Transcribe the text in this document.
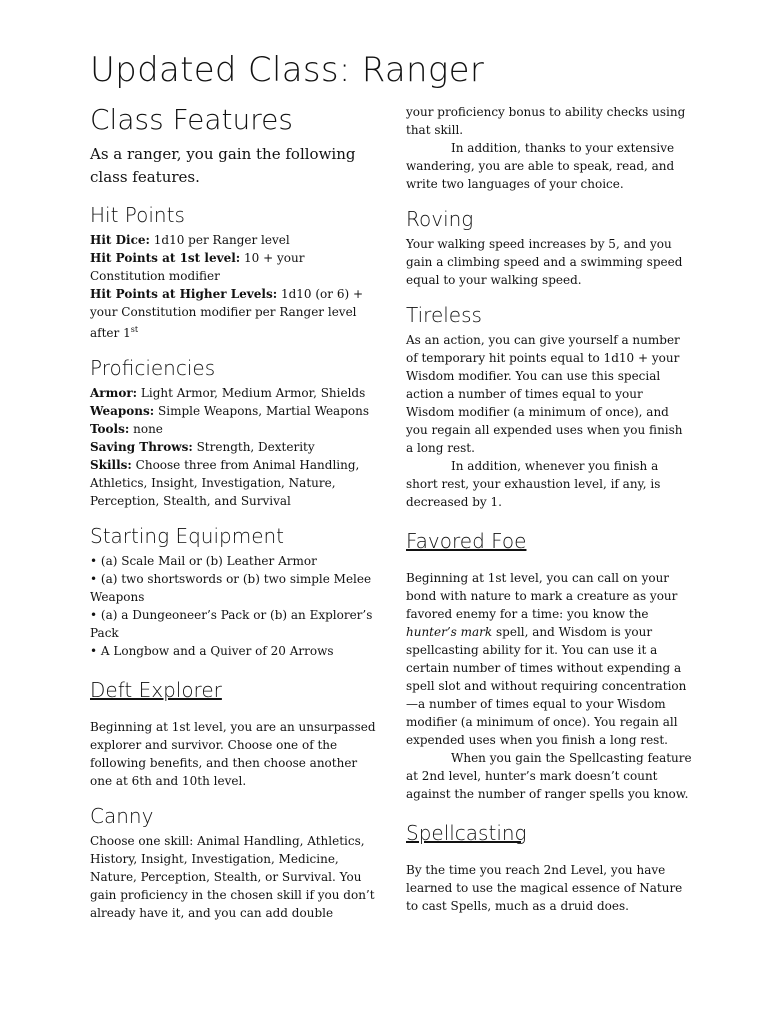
Updated Class: Ranger
Class Features
As a ranger, you gain the following class features.
Hit Points
Hit Dice: 1d10 per Ranger level
Hit Points at 1st level: 10 + your Constitution modifier
Hit Points at Higher Levels: 1d10 (or 6) + your Constitution modifier per Ranger level after 1st
Proficiencies
Armor: Light Armor, Medium Armor, Shields
Weapons: Simple Weapons, Martial Weapons
Tools: none
Saving Throws: Strength, Dexterity
Skills: Choose three from Animal Handling, Athletics, Insight, Investigation, Nature, Perception, Stealth, and Survival
Starting Equipment
• (a) Scale Mail or (b) Leather Armor
• (a) two shortswords or (b) two simple Melee Weapons
• (a) a Dungeoneer’s Pack or (b) an Explorer’s Pack
• A Longbow and a Quiver of 20 Arrows
Deft Explorer
Beginning at 1st level, you are an unsurpassed explorer and survivor. Choose one of the following benefits, and then choose another one at 6th and 10th level.
Canny
Choose one skill: Animal Handling, Athletics, History, Insight, Investigation, Medicine, Nature, Perception, Stealth, or Survival. You gain proficiency in the chosen skill if you don’t already have it, and you can add double
your proficiency bonus to ability checks using that skill.
In addition, thanks to your extensive wandering, you are able to speak, read, and write two languages of your choice.
Roving
Your walking speed increases by 5, and you gain a climbing speed and a swimming speed equal to your walking speed.
Tireless
As an action, you can give yourself a number of temporary hit points equal to 1d10 + your Wisdom modifier. You can use this special action a number of times equal to your Wisdom modifier (a minimum of once), and you regain all expended uses when you finish a long rest.
In addition, whenever you finish a short rest, your exhaustion level, if any, is decreased by 1.
Favored Foe
Beginning at 1st level, you can call on your bond with nature to mark a creature as your favored enemy for a time: you know the hunter’s mark spell, and Wisdom is your spellcasting ability for it. You can use it a certain number of times without expending a spell slot and without requiring concentration—a number of times equal to your Wisdom modifier (a minimum of once). You regain all expended uses when you finish a long rest.
When you gain the Spellcasting feature at 2nd level, hunter’s mark doesn’t count against the number of ranger spells you know.
Spellcasting
By the time you reach 2nd Level, you have learned to use the magical essence of Nature to cast Spells, much as a druid does.
